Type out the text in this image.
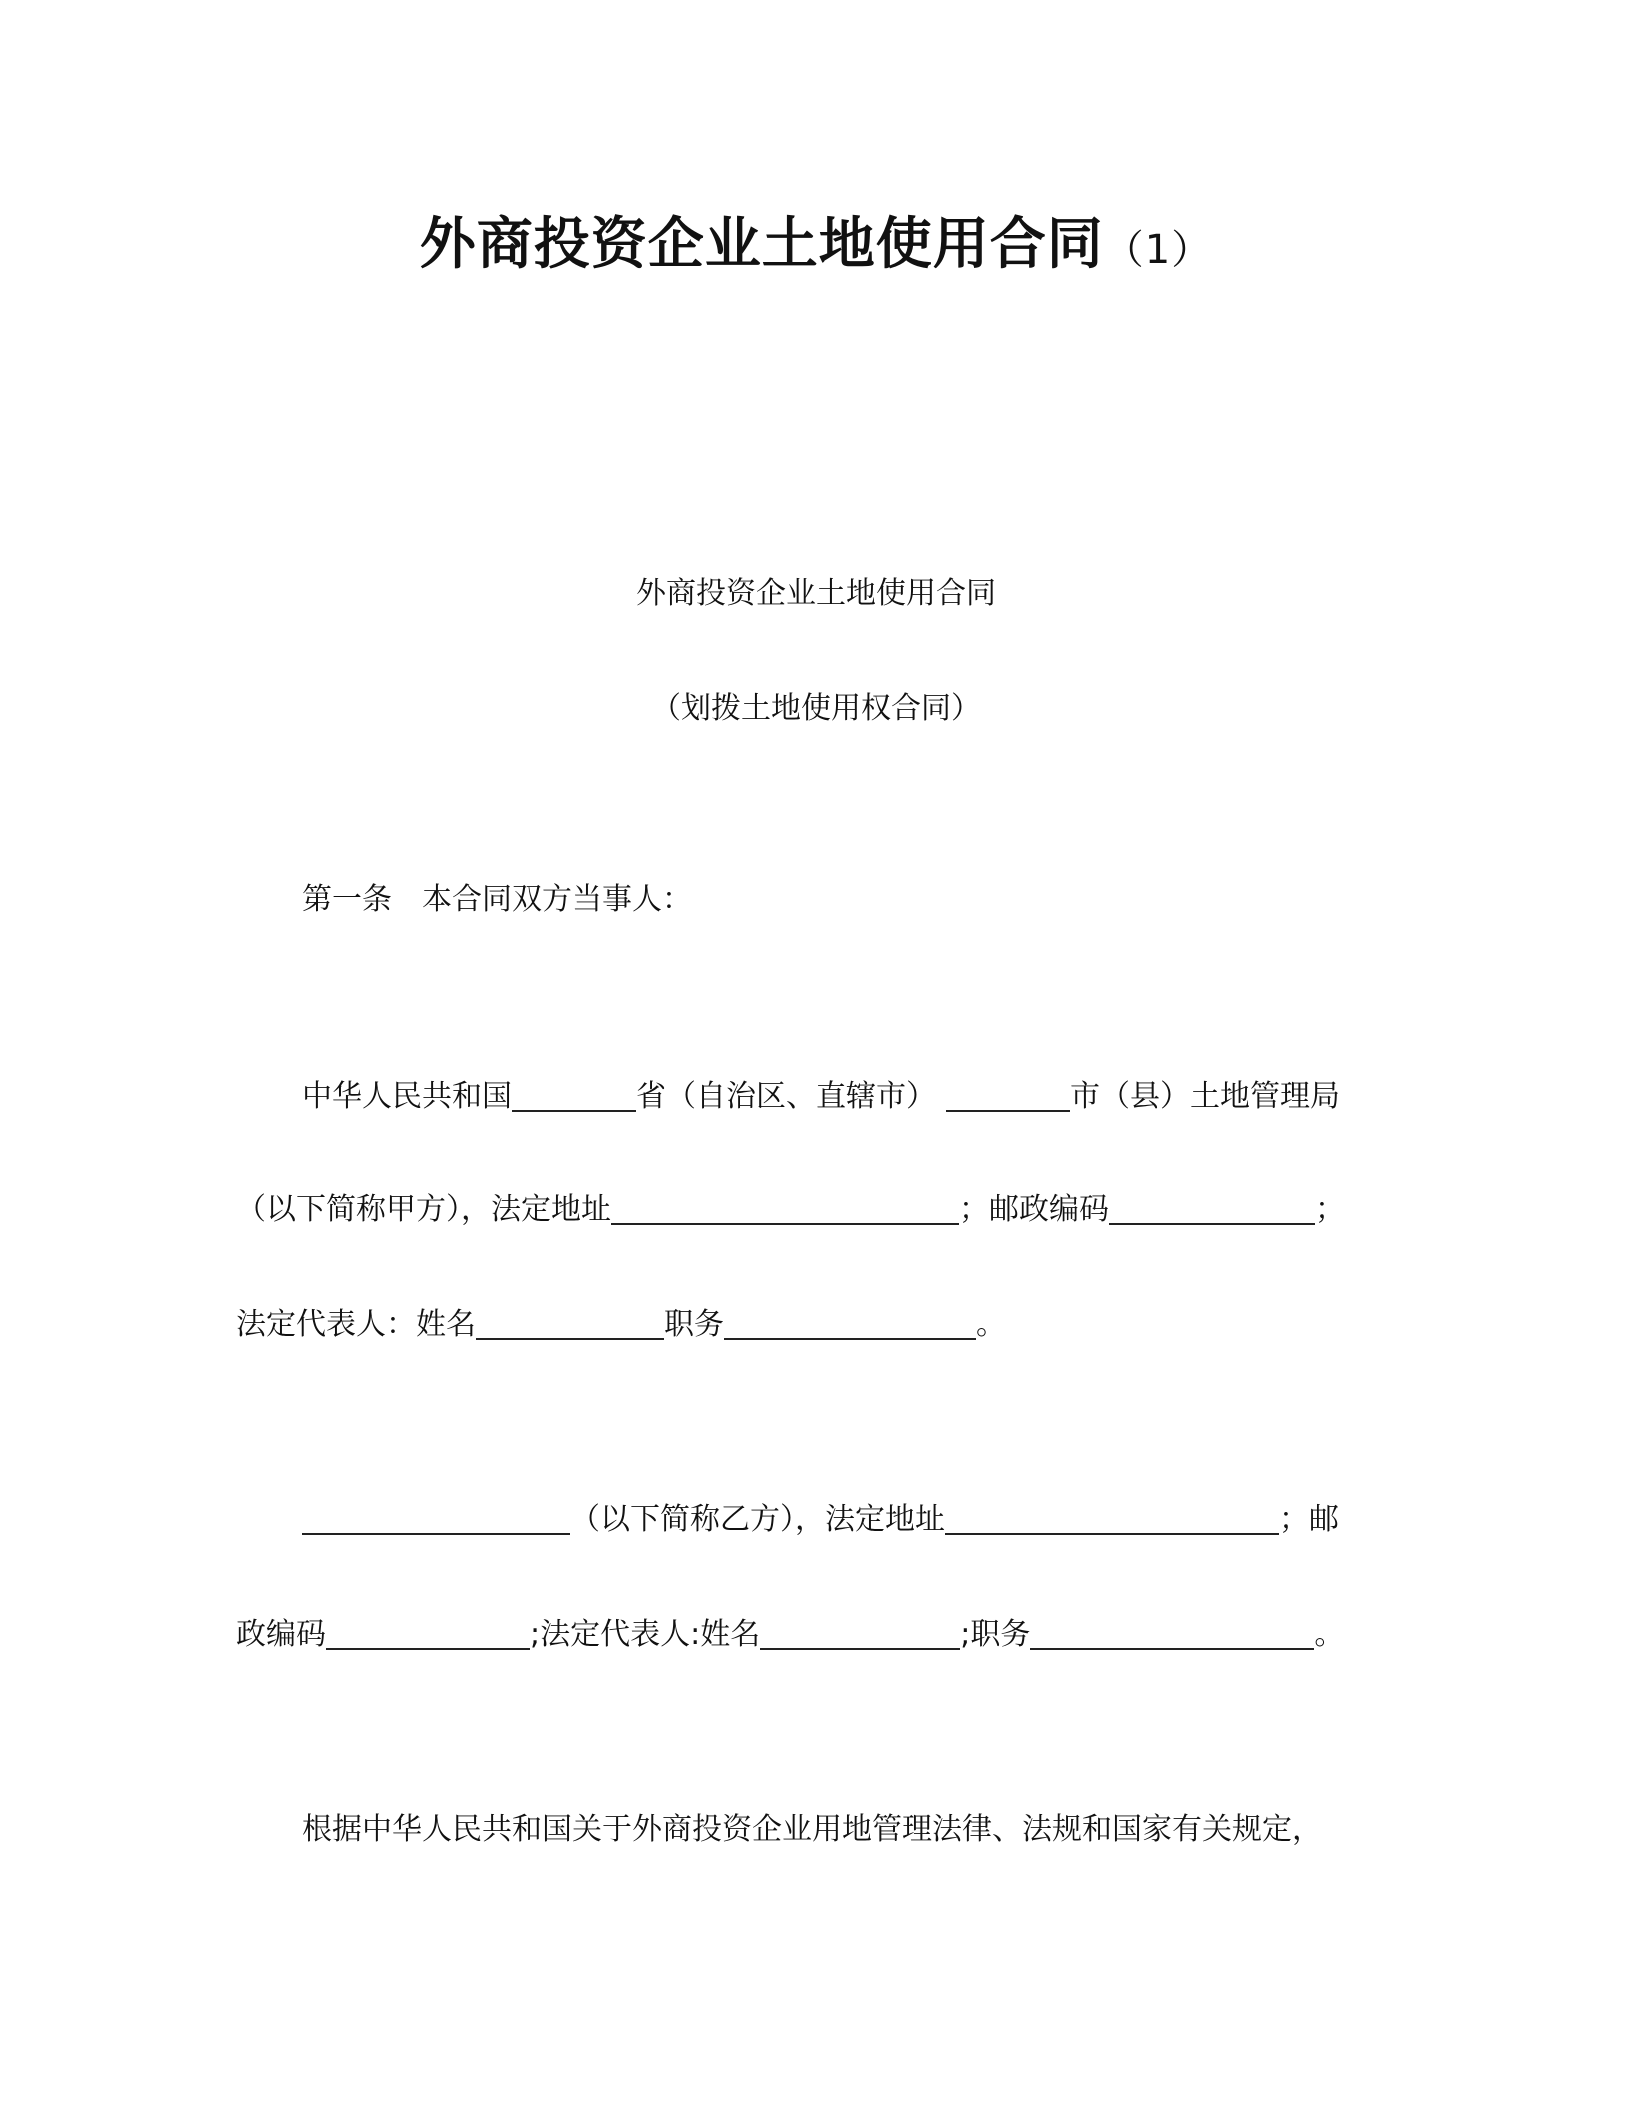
外商投资企业土地使用合同（1）
外商投资企业土地使用合同
（划拨土地使用权合同）
第一条　本合同双方当事人：
中华人民共和国	省（自治区、直辖市）	市（县）土地管理局
（以下简称甲方），法定地址	；邮政编码	；
法定代表人：姓名	职务	。
（以下简称乙方），法定地址	；邮
政编码	;法定代表人:姓名	;职务	。
根据中华人民共和国关于外商投资企业用地管理法律、法规和国家有关规定，
